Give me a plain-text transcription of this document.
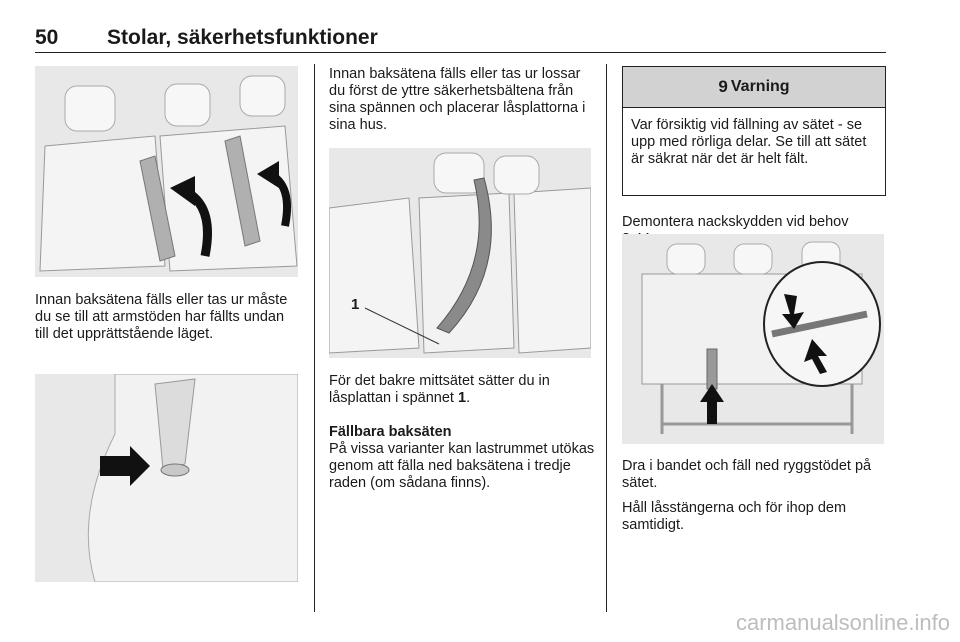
50 Stolar, säkerhetsfunktioner

Innan baksätena fälls eller tas ur måste du se till att armstöden har fällts undan till det upprättstående läget.

Innan baksätena fälls eller tas ur lossar du först de yttre säkerhetsbältena från sina spännen och placerar låsplattorna i sina hus.

1

För det bakre mittsätet sätter du in låsplattan i spännet 1.

Fällbara baksäten

På vissa varianter kan lastrummet utökas genom att fälla ned baksätena i tredje raden (om sådana finns).

9 Varning
Var försiktig vid fällning av sätet - se upp med rörliga delar. Se till att sätet är säkrat när det är helt fält.

Demontera nackskydden vid behov

Dra i bandet och fäll ned ryggstödet på sätet.

Håll låsstängerna och för ihop dem samtidigt.

carmanualsonline.info
